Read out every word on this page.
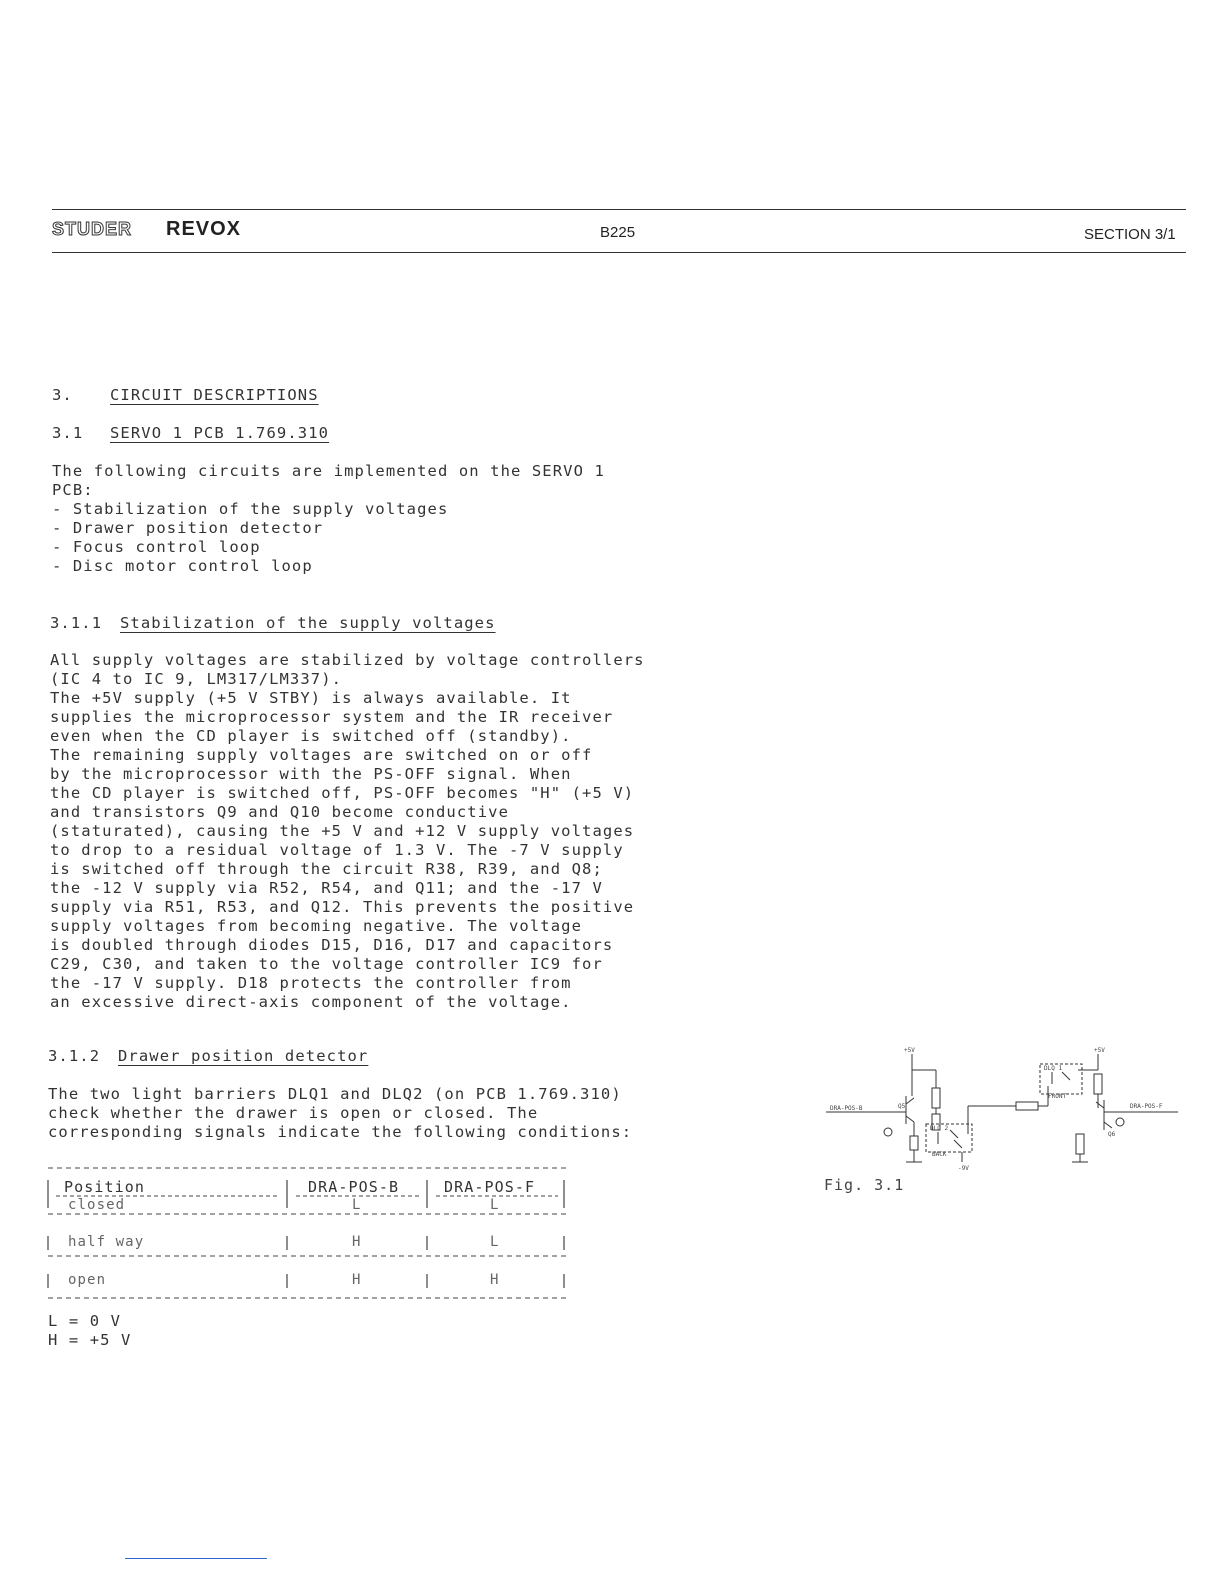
STUDER REVOX	B225	SECTION 3/1
3. CIRCUIT DESCRIPTIONS
3.1 SERVO 1 PCB 1.769.310
The following circuits are implemented on the SERVO 1
PCB:
- Stabilization of the supply voltages
- Drawer position detector
- Focus control loop
- Disc motor control loop
3.1.1 Stabilization of the supply voltages
All supply voltages are stabilized by voltage controllers
(IC 4 to IC 9, LM317/LM337).
The +5V supply (+5 V STBY) is always available. It
supplies the microprocessor system and the IR receiver
even when the CD player is switched off (standby).
The remaining supply voltages are switched on or off
by the microprocessor with the PS-OFF signal. When
the CD player is switched off, PS-OFF becomes "H" (+5 V)
and transistors Q9 and Q10 become conductive
(staturated), causing the +5 V and +12 V supply voltages
to drop to a residual voltage of 1.3 V. The -7 V supply
is switched off through the circuit R38, R39, and Q8;
the -12 V supply via R52, R54, and Q11; and the -17 V
supply via R51, R53, and Q12. This prevents the positive
supply voltages from becoming negative. The voltage
is doubled through diodes D15, D16, D17 and capacitors
C29, C30, and taken to the voltage controller IC9 for
the -17 V supply. D18 protects the controller from
an excessive direct-axis component of the voltage.
3.1.2 Drawer position detector
The two light barriers DLQ1 and DLQ2 (on PCB 1.769.310)
check whether the drawer is open or closed. The
corresponding signals indicate the following conditions:
Position	DRA-POS-B	DRA-POS-F
closed	L	L
half way	H	L
open	H	H
L = 0 V
H = +5 V
+5V	+5V
-9V
DRA-POS-B	DRA-POS-F
DLQ 1
DLQ 2
FRONT
BACK
Q5
Q6
Fig. 3.1
